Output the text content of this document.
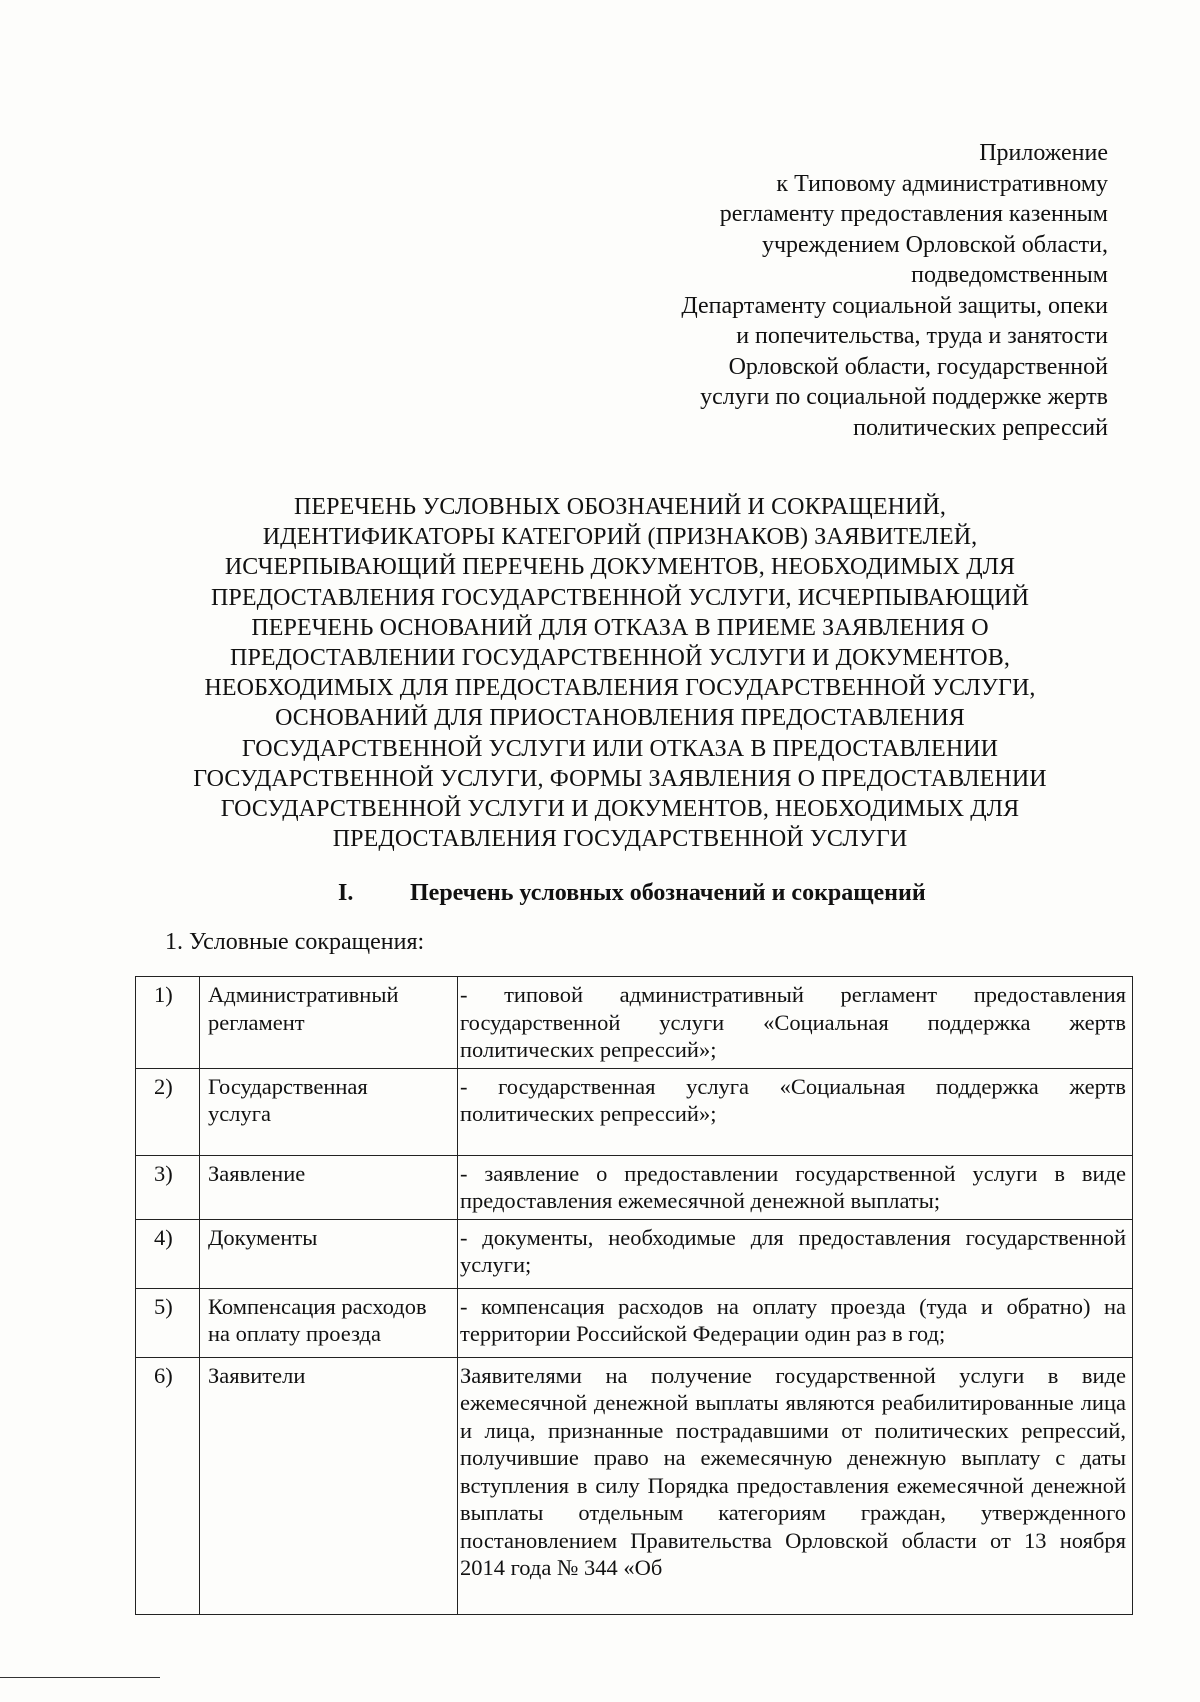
Приложение
к Типовому административному
регламенту предоставления казенным
учреждением Орловской области,
подведомственным
Департаменту социальной защиты, опеки
и попечительства, труда и занятости
Орловской области, государственной
услуги по социальной поддержке жертв
политических репрессий
ПЕРЕЧЕНЬ УСЛОВНЫХ ОБОЗНАЧЕНИЙ И СОКРАЩЕНИЙ,
ИДЕНТИФИКАТОРЫ КАТЕГОРИЙ (ПРИЗНАКОВ) ЗАЯВИТЕЛЕЙ,
ИСЧЕРПЫВАЮЩИЙ ПЕРЕЧЕНЬ ДОКУМЕНТОВ, НЕОБХОДИМЫХ ДЛЯ
ПРЕДОСТАВЛЕНИЯ ГОСУДАРСТВЕННОЙ УСЛУГИ, ИСЧЕРПЫВАЮЩИЙ
ПЕРЕЧЕНЬ ОСНОВАНИЙ ДЛЯ ОТКАЗА В ПРИЕМЕ ЗАЯВЛЕНИЯ О
ПРЕДОСТАВЛЕНИИ ГОСУДАРСТВЕННОЙ УСЛУГИ И ДОКУМЕНТОВ,
НЕОБХОДИМЫХ ДЛЯ ПРЕДОСТАВЛЕНИЯ ГОСУДАРСТВЕННОЙ УСЛУГИ,
ОСНОВАНИЙ ДЛЯ ПРИОСТАНОВЛЕНИЯ ПРЕДОСТАВЛЕНИЯ
ГОСУДАРСТВЕННОЙ УСЛУГИ ИЛИ ОТКАЗА В ПРЕДОСТАВЛЕНИИ
ГОСУДАРСТВЕННОЙ УСЛУГИ, ФОРМЫ ЗАЯВЛЕНИЯ О ПРЕДОСТАВЛЕНИИ
ГОСУДАРСТВЕННОЙ УСЛУГИ И ДОКУМЕНТОВ, НЕОБХОДИМЫХ ДЛЯ
ПРЕДОСТАВЛЕНИЯ ГОСУДАРСТВЕННОЙ УСЛУГИ
I. Перечень условных обозначений и сокращений
1. Условные сокращения:
1)	Административный
регламент	- типовой административный регламент предоставления государственной услуги «Социальная поддержка жертв политических репрессий»;
2)	Государственная
услуга	- государственная услуга «Социальная поддержка жертв политических репрессий»;
3)	Заявление	- заявление о предоставлении государственной услуги в виде предоставления ежемесячной денежной выплаты;
4)	Документы	- документы, необходимые для предоставления государственной услуги;
5)	Компенсация расходов
на оплату проезда	- компенсация расходов на оплату проезда (туда и обратно) на территории Российской Федерации один раз в год;
6)	Заявители	Заявителями на получение государственной услуги в виде ежемесячной денежной выплаты являются реабилитированные лица и лица, признанные пострадавшими от политических репрессий, получившие право на ежемесячную денежную выплату с даты вступления в силу Порядка предоставления ежемесячной денежной выплаты отдельным категориям граждан, утвержденного постановлением Правительства Орловской области от 13 ноября 2014 года № 344 «Об
